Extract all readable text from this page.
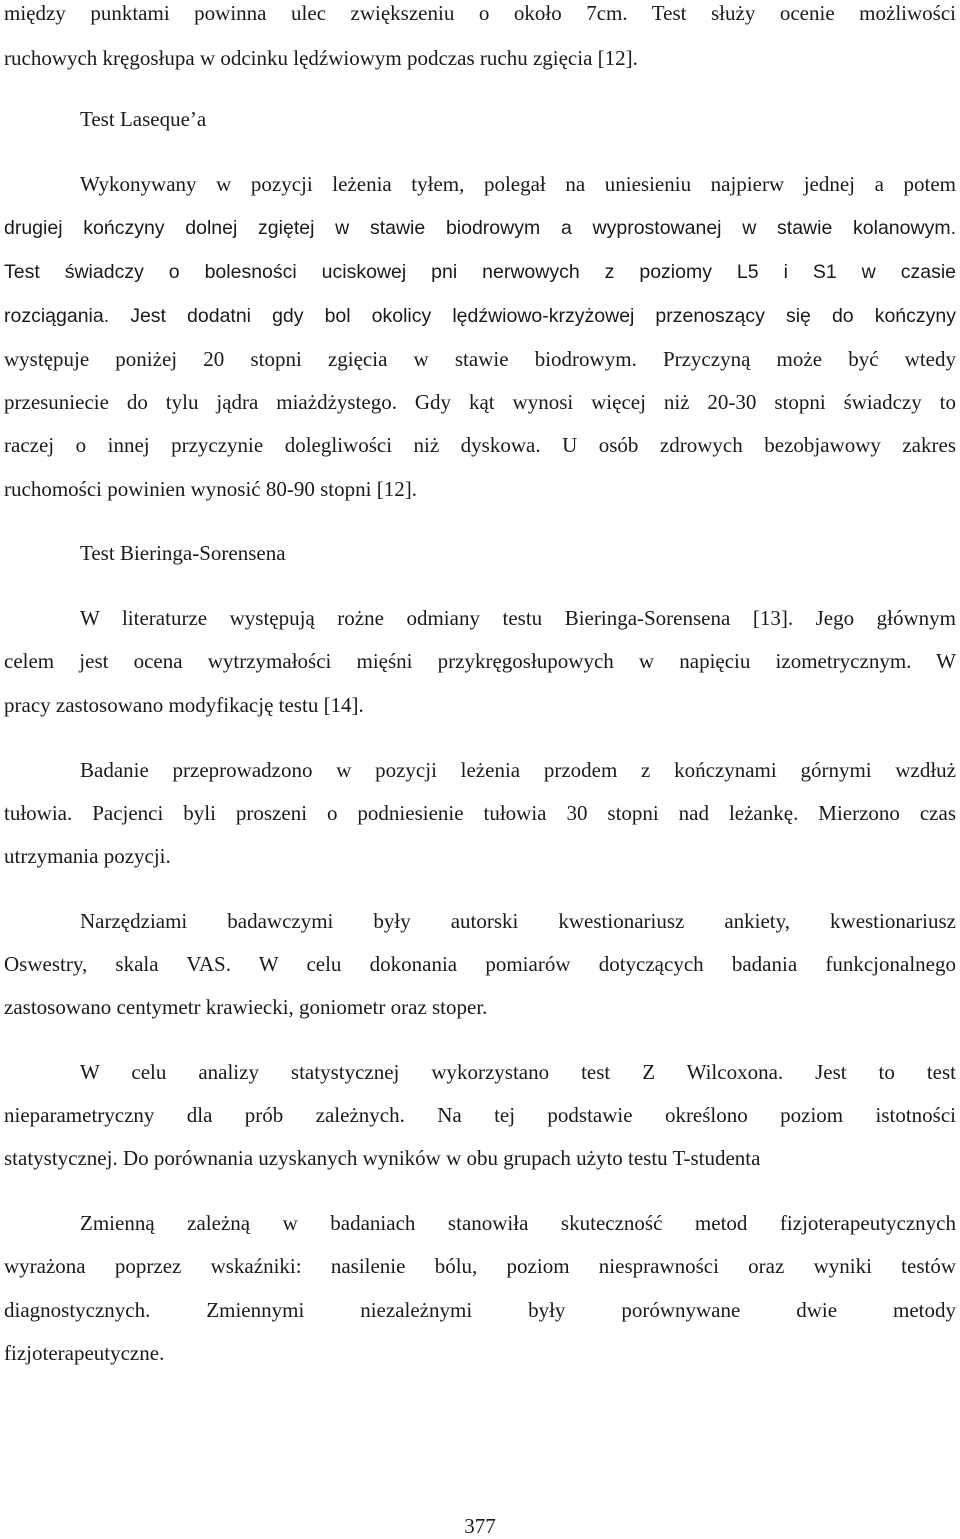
między punktami powinna ulec zwiększeniu o około 7cm. Test służy ocenie możliwości
ruchowych kręgosłupa w odcinku lędźwiowym podczas ruchu zgięcia [12].
Test Laseque’a
Wykonywany w pozycji leżenia tyłem, polegał na uniesieniu najpierw jednej a potem
drugiej kończyny dolnej zgiętej w stawie biodrowym a wyprostowanej w stawie kolanowym.
Test świadczy o bolesności uciskowej pni nerwowych z poziomy L5 i S1 w czasie
rozciągania. Jest dodatni gdy bol okolicy lędźwiowo-krzyżowej przenoszący się do kończyny
występuje poniżej 20 stopni zgięcia w stawie biodrowym. Przyczyną może być wtedy
przesuniecie do tylu jądra miażdżystego. Gdy kąt wynosi więcej niż 20-30 stopni świadczy to
raczej o innej przyczynie dolegliwości niż dyskowa. U osób zdrowych bezobjawowy zakres
ruchomości powinien wynosić 80-90 stopni [12].
Test Bieringa-Sorensena
W literaturze występują rożne odmiany testu Bieringa-Sorensena [13]. Jego głównym
celem jest ocena wytrzymałości mięśni przykręgosłupowych w napięciu izometrycznym. W
pracy zastosowano modyfikację testu [14].
Badanie przeprowadzono w pozycji leżenia przodem z kończynami górnymi wzdłuż
tułowia. Pacjenci byli proszeni o podniesienie tułowia 30 stopni nad leżankę. Mierzono czas
utrzymania pozycji.
Narzędziami badawczymi były autorski kwestionariusz ankiety, kwestionariusz
Oswestry, skala VAS. W celu dokonania pomiarów dotyczących badania funkcjonalnego
zastosowano centymetr krawiecki, goniometr oraz stoper.
W celu analizy statystycznej wykorzystano test Z Wilcoxona. Jest to test
nieparametryczny dla prób zależnych. Na tej podstawie określono poziom istotności
statystycznej. Do porównania uzyskanych wyników w obu grupach użyto testu T-studenta
Zmienną zależną w badaniach stanowiła skuteczność metod fizjoterapeutycznych
wyrażona poprzez wskaźniki: nasilenie bólu, poziom niesprawności oraz wyniki testów
diagnostycznych. Zmiennymi niezależnymi były porównywane dwie metody
fizjoterapeutyczne.
377
